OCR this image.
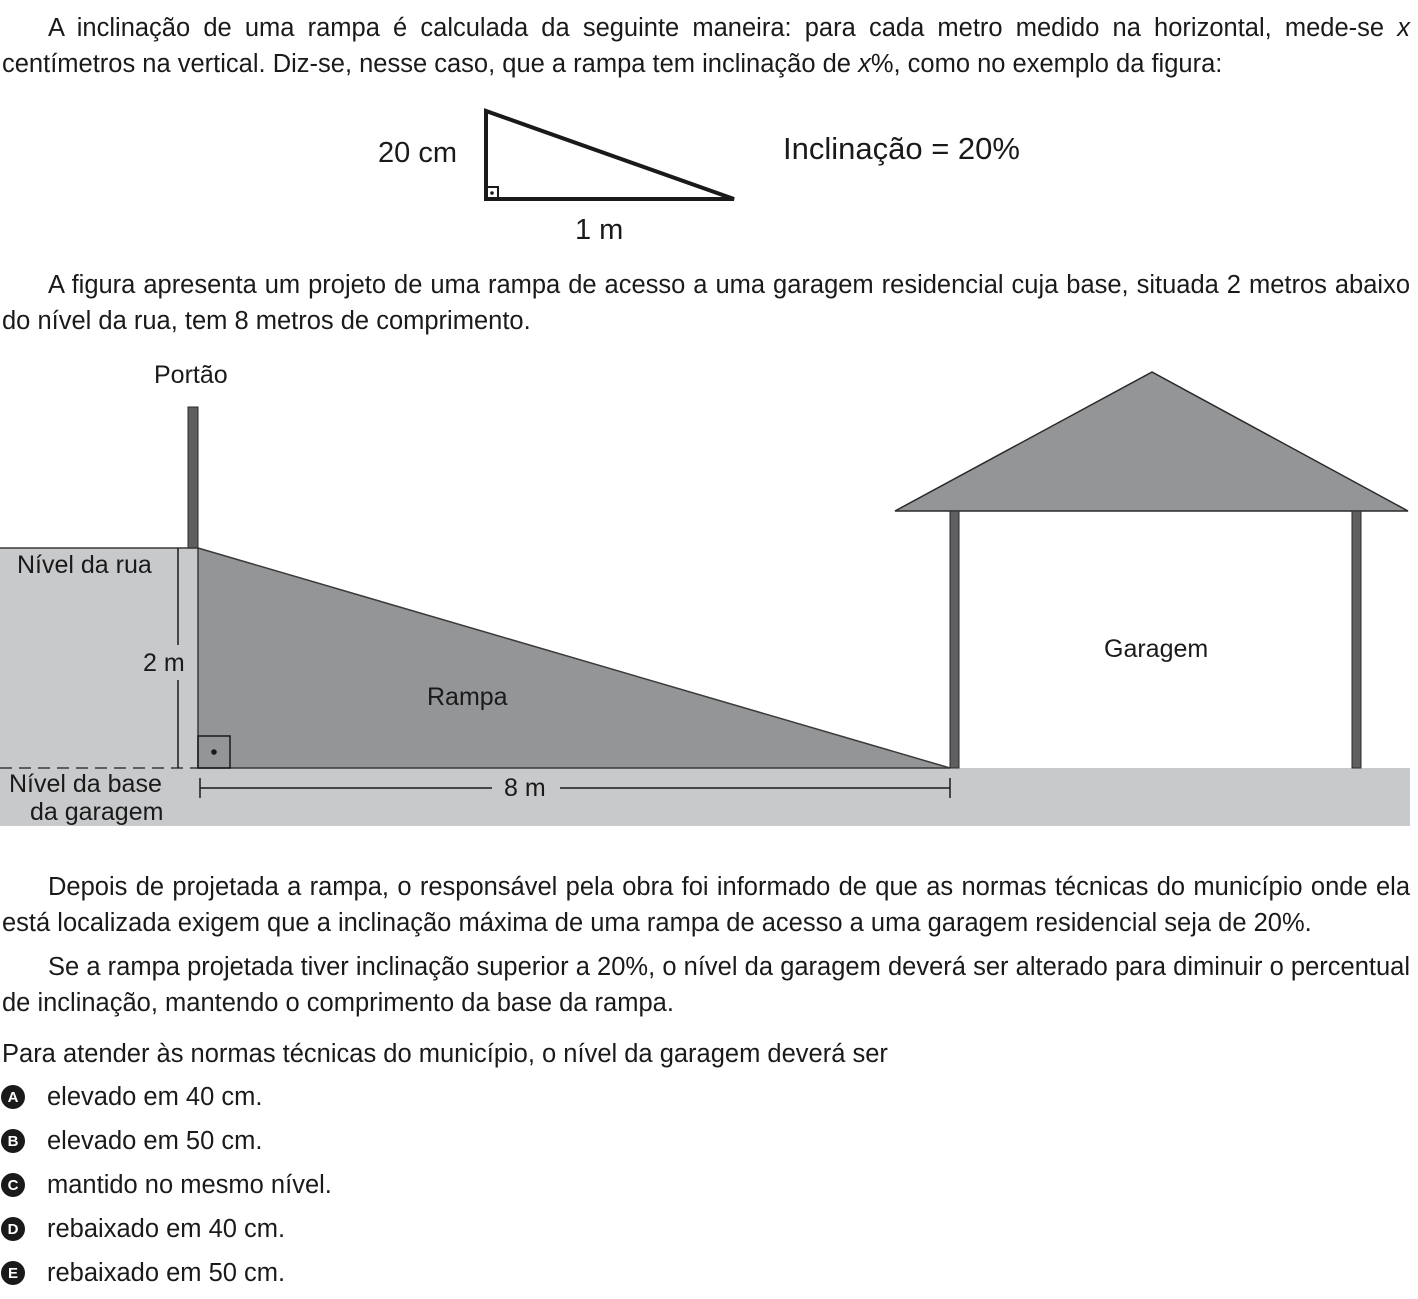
A inclinação de uma rampa é calculada da seguinte maneira: para cada metro medido na horizontal, mede-se x centímetros na vertical. Diz-se, nesse caso, que a rampa tem inclinação de x%, como no exemplo da figura:

20 cm
1 m
Inclinação = 20%

A figura apresenta um projeto de uma rampa de acesso a uma garagem residencial cuja base, situada 2 metros abaixo do nível da rua, tem 8 metros de comprimento.

Portão
Nível da rua
2 m
Rampa
Nível da base
da garagem
8 m
Garagem

Depois de projetada a rampa, o responsável pela obra foi informado de que as normas técnicas do município onde ela está localizada exigem que a inclinação máxima de uma rampa de acesso a uma garagem residencial seja de 20%.

Se a rampa projetada tiver inclinação superior a 20%, o nível da garagem deverá ser alterado para diminuir o percentual de inclinação, mantendo o comprimento da base da rampa.

Para atender às normas técnicas do município, o nível da garagem deverá ser

A elevado em 40 cm.
B elevado em 50 cm.
C mantido no mesmo nível.
D rebaixado em 40 cm.
E rebaixado em 50 cm.
